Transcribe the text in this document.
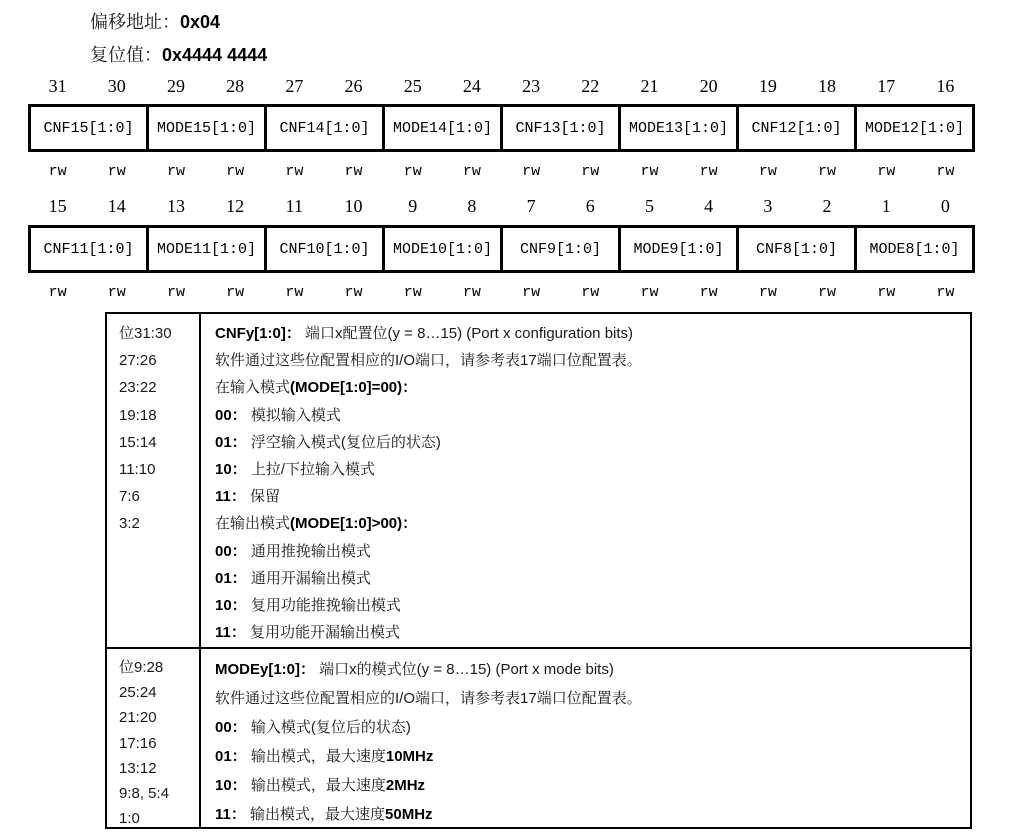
偏移地址：0x04
复位值：0x4444 4444
31	30	29	28	27	26	25	24	23	22	21	20	19	18	17	16
CNF15[1:0]	MODE15[1:0]	CNF14[1:0]	MODE14[1:0]	CNF13[1:0]	MODE13[1:0]	CNF12[1:0]	MODE12[1:0]
rw	rw	rw	rw	rw	rw	rw	rw	rw	rw	rw	rw	rw	rw	rw	rw
15	14	13	12	11	10	9	8	7	6	5	4	3	2	1	0
CNF11[1:0]	MODE11[1:0]	CNF10[1:0]	MODE10[1:0]	CNF9[1:0]	MODE9[1:0]	CNF8[1:0]	MODE8[1:0]
rw	rw	rw	rw	rw	rw	rw	rw	rw	rw	rw	rw	rw	rw	rw	rw
位31:30
27:26
23:22
19:18
15:14
11:10
7:6
3:2
CNFy[1:0]： 端口x配置位(y = 8…15) (Port x configuration bits)
软件通过这些位配置相应的I/O端口，请参考表17端口位配置表。
在输入模式(MODE[1:0]=00)：
00： 模拟输入模式
01： 浮空输入模式(复位后的状态)
10： 上拉/下拉输入模式
11： 保留
在输出模式(MODE[1:0]>00)：
00： 通用推挽输出模式
01： 通用开漏输出模式
10： 复用功能推挽输出模式
11： 复用功能开漏输出模式
位9:28
25:24
21:20
17:16
13:12
9:8, 5:4
1:0
MODEy[1:0]： 端口x的模式位(y = 8…15) (Port x mode bits)
软件通过这些位配置相应的I/O端口，请参考表17端口位配置表。
00： 输入模式(复位后的状态)
01： 输出模式，最大速度10MHz
10： 输出模式，最大速度2MHz
11： 输出模式，最大速度50MHz
